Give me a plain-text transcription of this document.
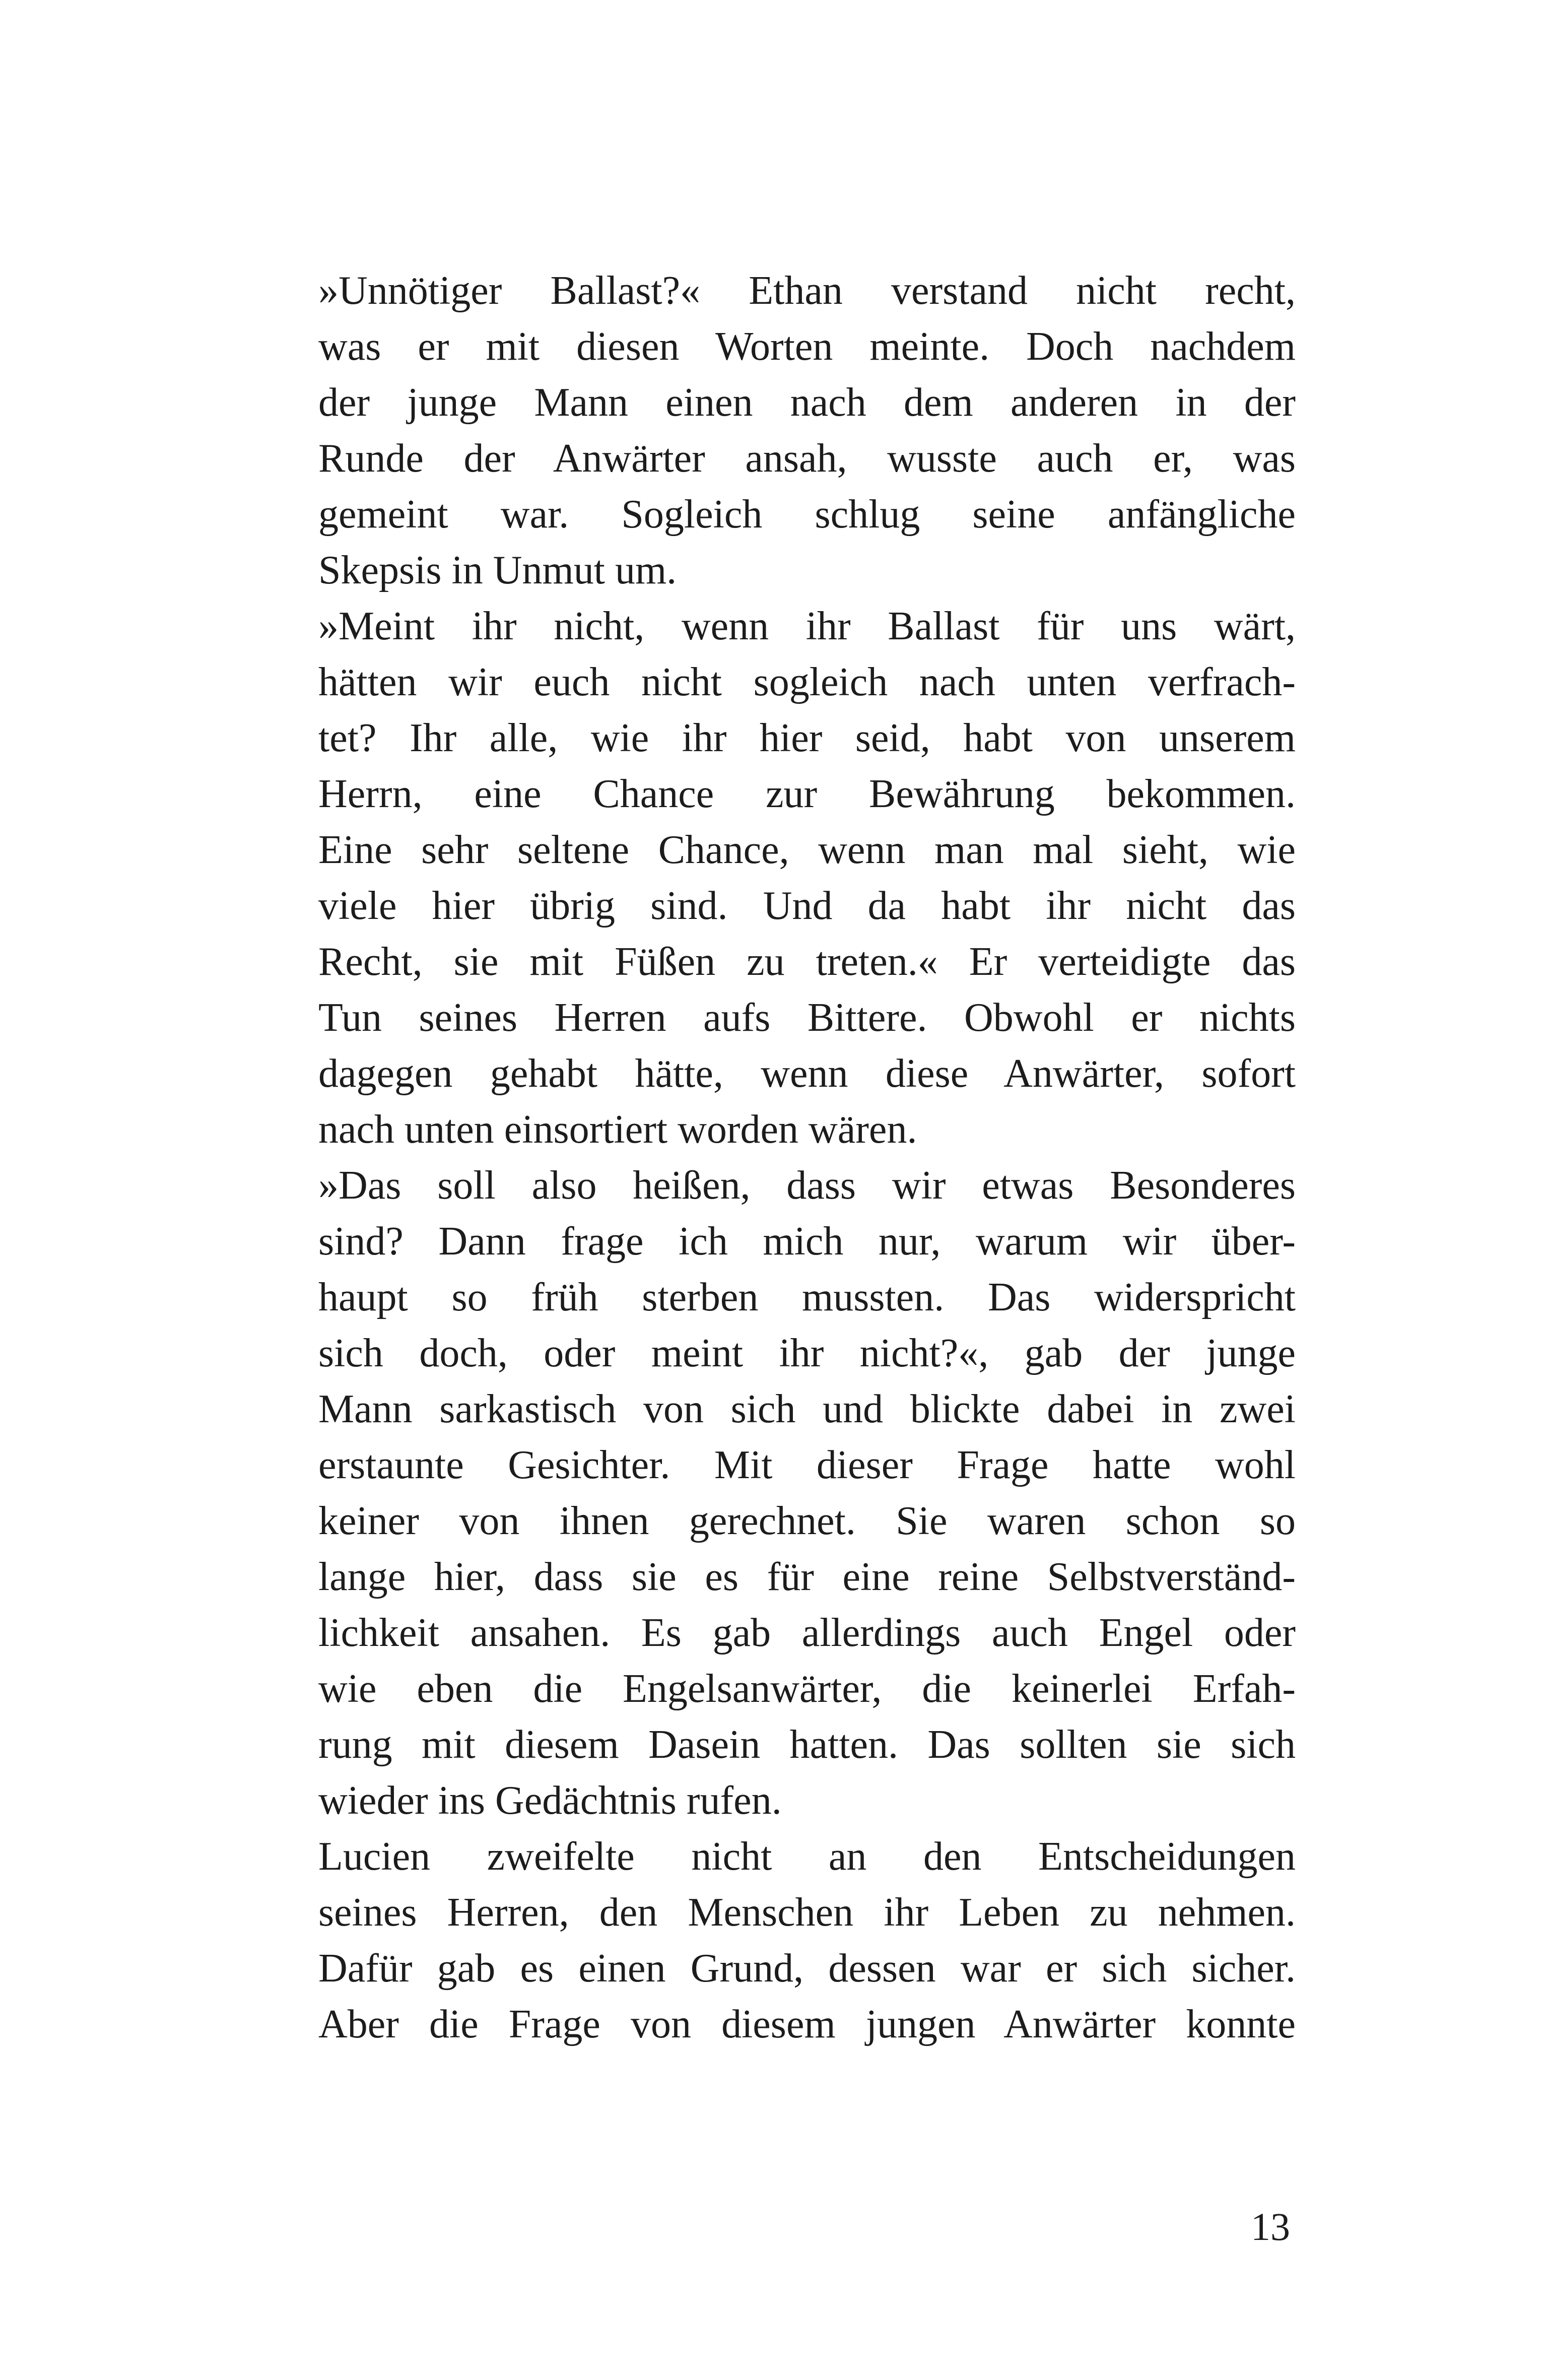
»Unnötiger Ballast?« Ethan verstand nicht recht,
was er mit diesen Worten meinte. Doch nachdem
der junge Mann einen nach dem anderen in der
Runde der Anwärter ansah, wusste auch er, was
gemeint war. Sogleich schlug seine anfängliche
Skepsis in Unmut um.
»Meint ihr nicht, wenn ihr Ballast für uns wärt,
hätten wir euch nicht sogleich nach unten verfrach-
tet? Ihr alle, wie ihr hier seid, habt von unserem
Herrn, eine Chance zur Bewährung bekommen.
Eine sehr seltene Chance, wenn man mal sieht, wie
viele hier übrig sind. Und da habt ihr nicht das
Recht, sie mit Füßen zu treten.« Er verteidigte das
Tun seines Herren aufs Bittere. Obwohl er nichts
dagegen gehabt hätte, wenn diese Anwärter, sofort
nach unten einsortiert worden wären.
»Das soll also heißen, dass wir etwas Besonderes
sind? Dann frage ich mich nur, warum wir über-
haupt so früh sterben mussten. Das widerspricht
sich doch, oder meint ihr nicht?«, gab der junge
Mann sarkastisch von sich und blickte dabei in zwei
erstaunte Gesichter. Mit dieser Frage hatte wohl
keiner von ihnen gerechnet. Sie waren schon so
lange hier, dass sie es für eine reine Selbstverständ-
lichkeit ansahen. Es gab allerdings auch Engel oder
wie eben die Engelsanwärter, die keinerlei Erfah-
rung mit diesem Dasein hatten. Das sollten sie sich
wieder ins Gedächtnis rufen.
Lucien zweifelte nicht an den Entscheidungen
seines Herren, den Menschen ihr Leben zu nehmen.
Dafür gab es einen Grund, dessen war er sich sicher.
Aber die Frage von diesem jungen Anwärter konnte
13
